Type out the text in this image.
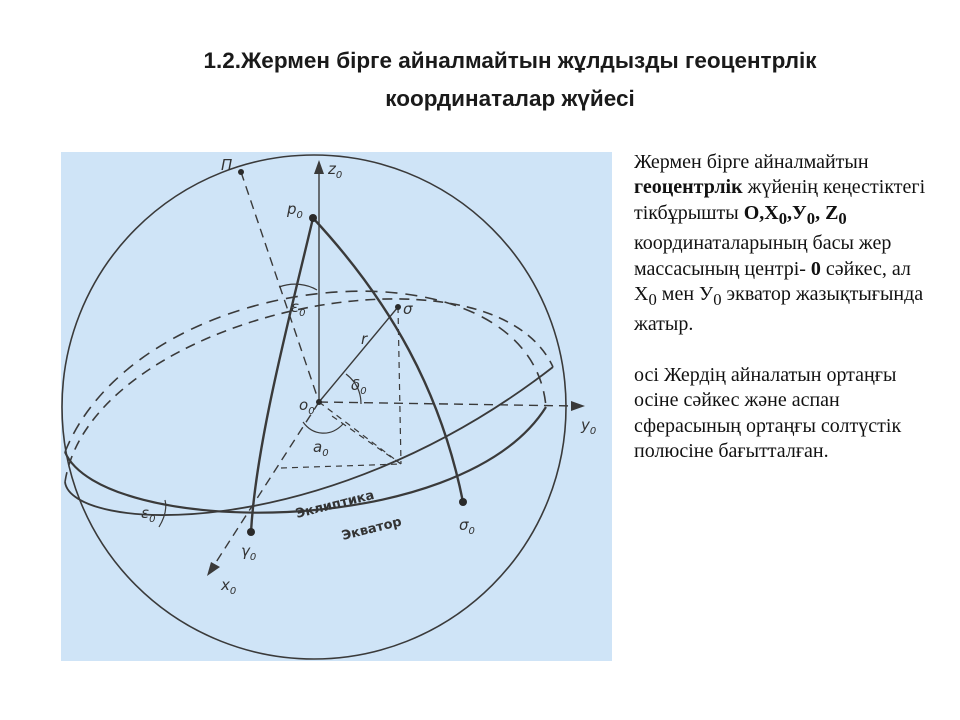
1.2.Жермен бірге айналмайтын жұлдызды геоцентрлік
координаталар жүйесі
$z_0$
$p_0$
Π
$\varepsilon_0$	σ
r
$\delta_0$
$o_0$
$y_0$
$a_0$
Эклиптика
Экватор
$\varepsilon_0$
$\gamma_0$
$\sigma_0$
$x_0$

Жермен бірге айналмайтын геоцентрлік жүйенің кеңестіктегі тікбұрышты $O,X_0,У_0$, $Z_0$ координаталарының басы жер массасының центрі- 0 сәйкес, ал $X_0$ мен $У_0$ экватор жазықтығында жатыр.

осі Жердің айналатын ортаңғы осіне сәйкес және аспан сферасының ортаңғы солтүстік полюсіне бағытталған.
